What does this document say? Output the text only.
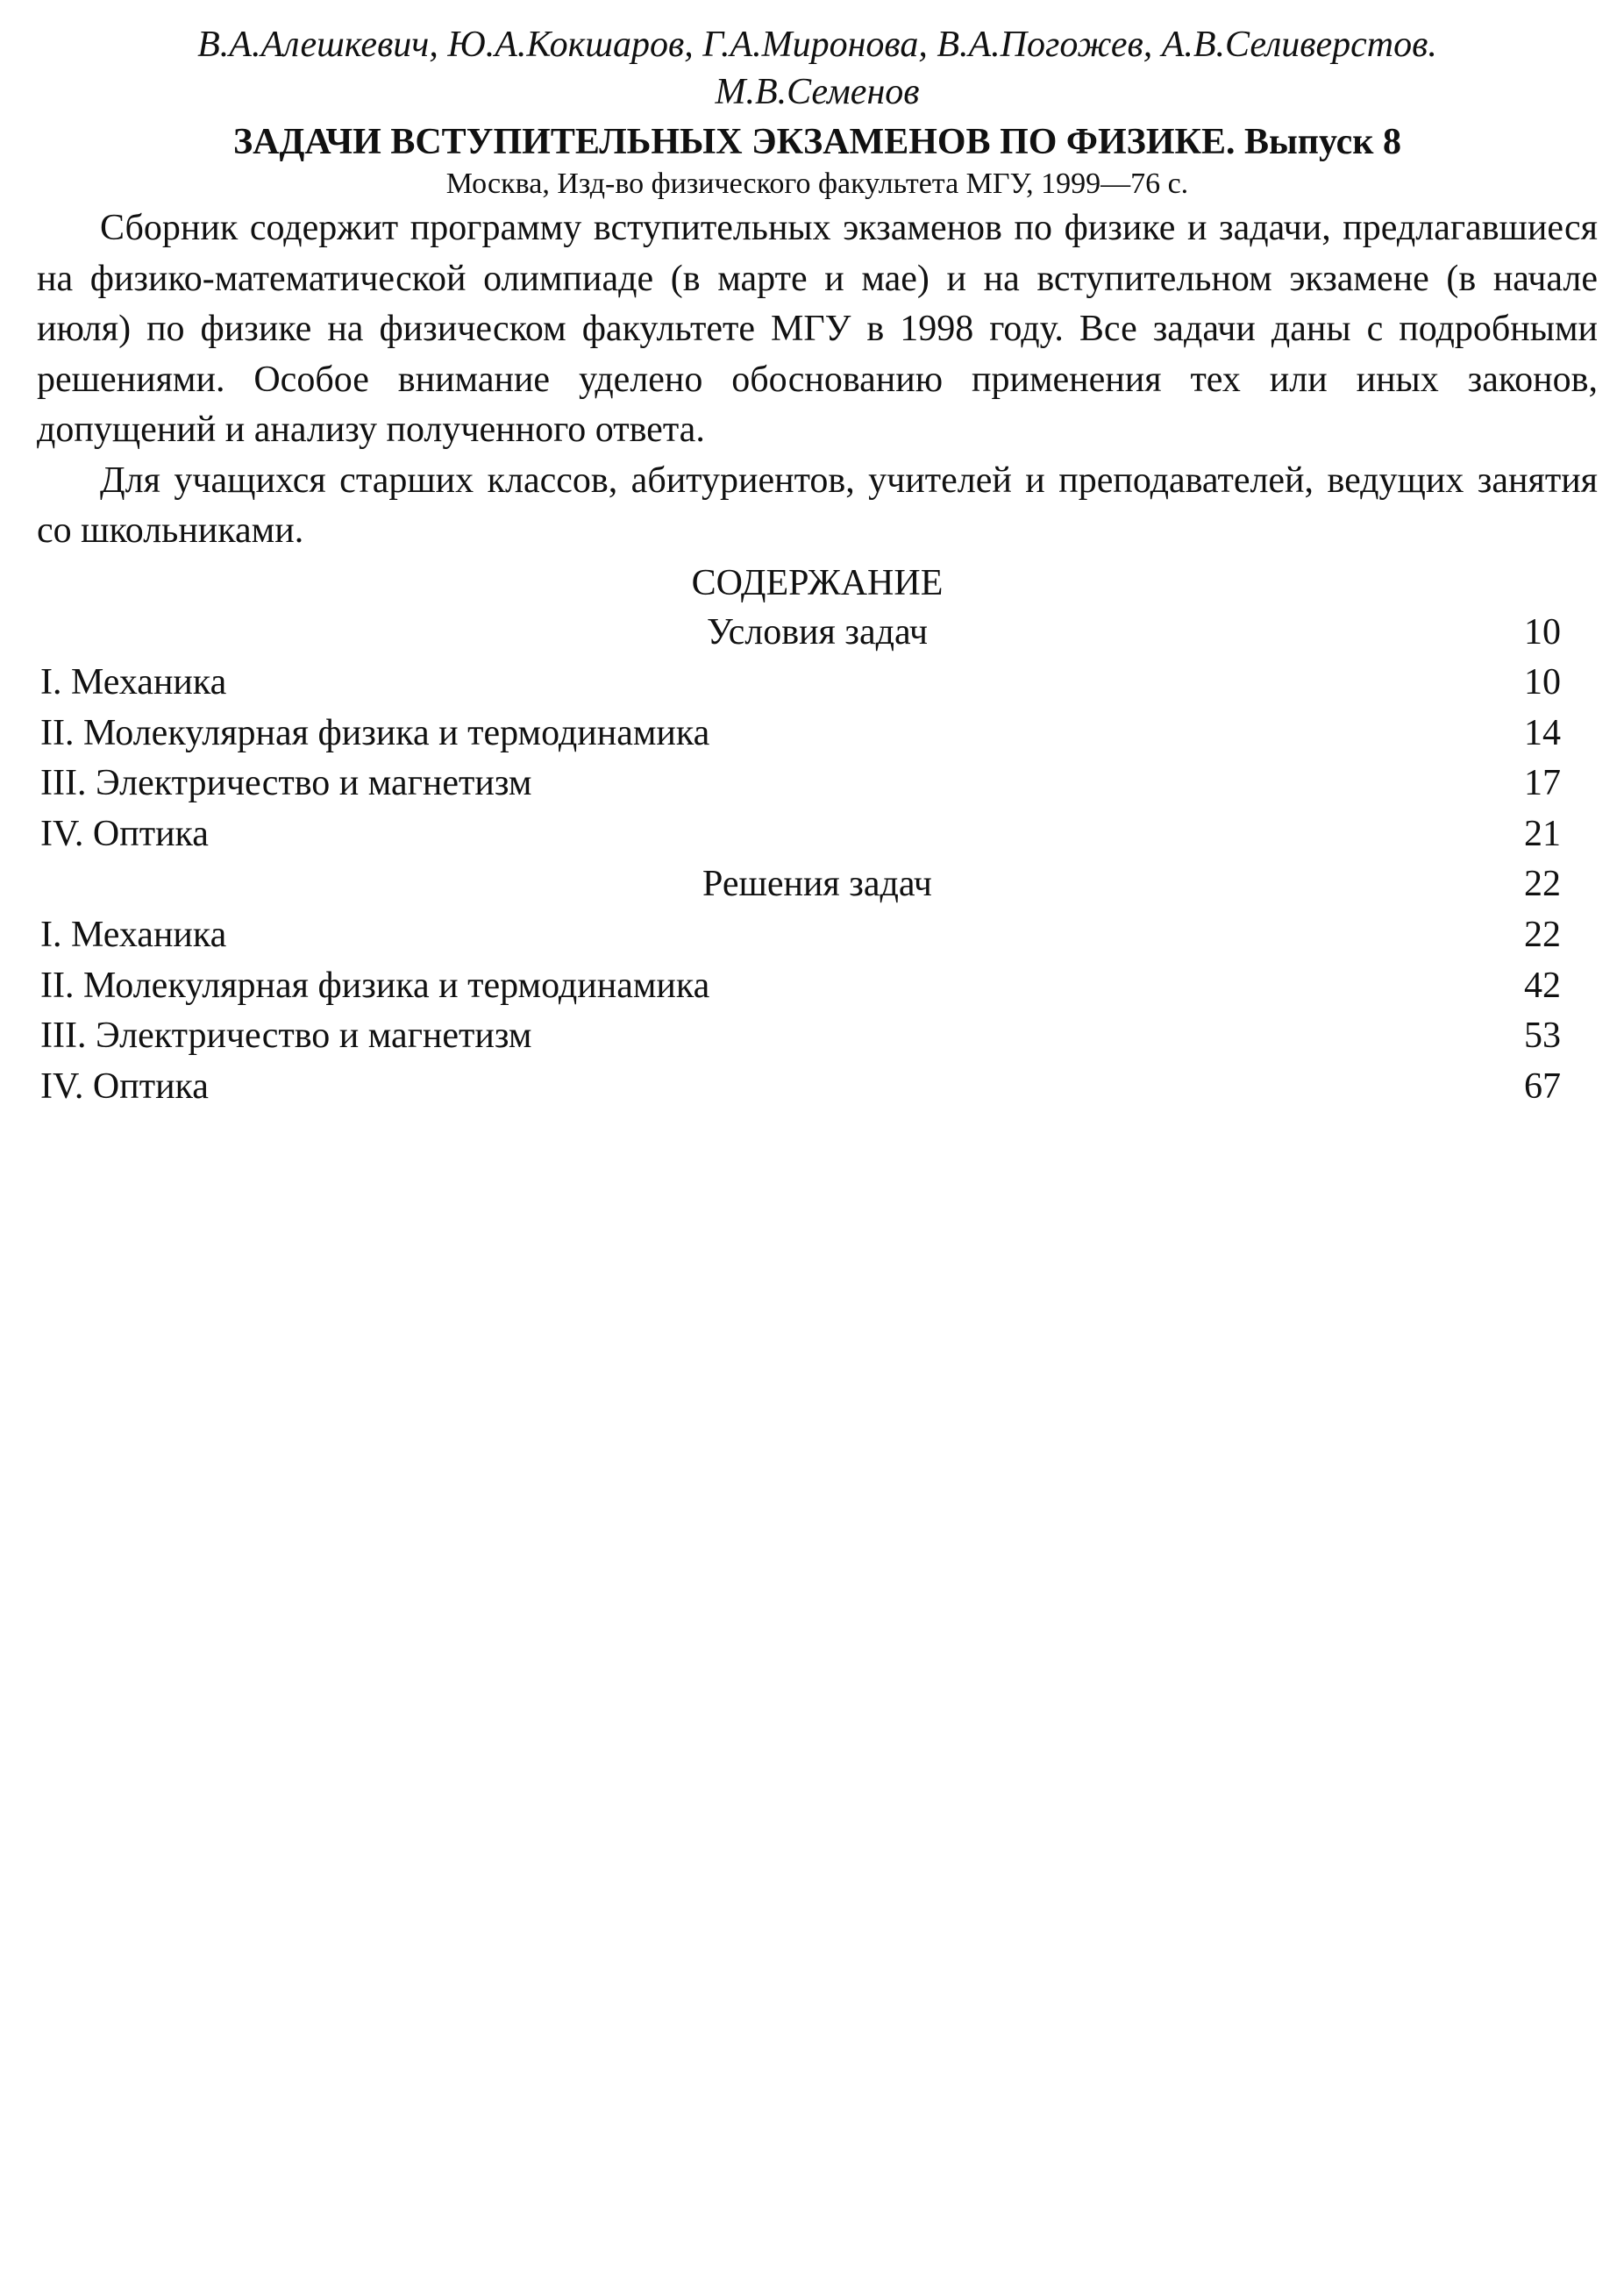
В.А.Алешкевич, Ю.А.Кокшаров, Г.А.Миронова, В.А.Погожев, А.В.Селиверстов.
М.В.Семенов
ЗАДАЧИ ВСТУПИТЕЛЬНЫХ ЭКЗАМЕНОВ ПО ФИЗИКЕ. Выпуск 8
Москва, Изд-во физического факультета МГУ, 1999—76 с.

Сборник содержит программу вступительных экзаменов по физике и задачи, предлагавшиеся на физико-математической олимпиаде (в марте и мае) и на вступительном экзамене (в начале июля) по физике на физическом факультете МГУ в 1998 году. Все задачи даны с подробными решениями. Особое внимание уделено обоснованию применения тех или иных законов, допущений и анализу полученного ответа.

Для учащихся старших классов, абитуриентов, учителей и преподавателей, ведущих занятия со школьниками.

СОДЕРЖАНИЕ
Условия задач	10
I. Механика	10
II. Молекулярная физика и термодинамика	14
III. Электричество и магнетизм	17
IV. Оптика	21
Решения задач	22
I. Механика	22
II. Молекулярная физика и термодинамика	42
III. Электричество и магнетизм	53
IV. Оптика	67
